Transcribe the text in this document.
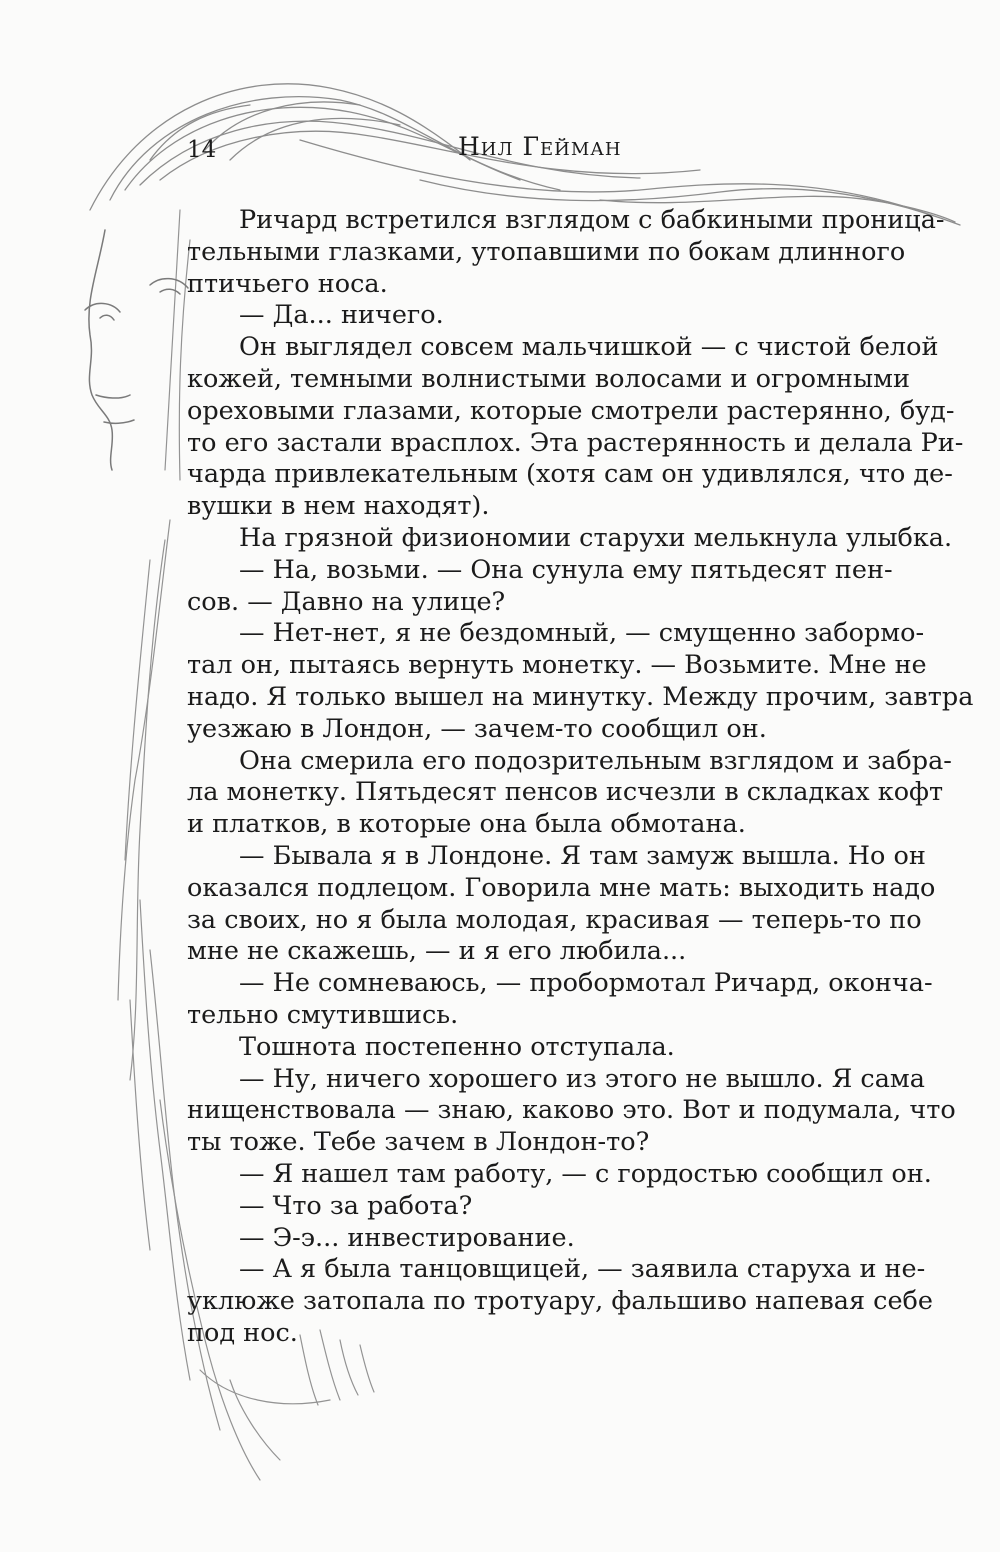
14	Нил Гейман
Ричард встретился взглядом с бабкиными проница-
тельными глазками, утопавшими по бокам длинного
птичьего носа.
— Да... ничего.
Он выглядел совсем мальчишкой — с чистой белой
кожей, темными волнистыми волосами и огромными
ореховыми глазами, которые смотрели растерянно, буд-
то его застали врасплох. Эта растерянность и делала Ри-
чарда привлекательным (хотя сам он удивлялся, что де-
вушки в нем находят).
На грязной физиономии старухи мелькнула улыбка.
— На, возьми. — Она сунула ему пятьдесят пен-
сов. — Давно на улице?
— Нет-нет, я не бездомный, — смущенно забормо-
тал он, пытаясь вернуть монетку. — Возьмите. Мне не
надо. Я только вышел на минутку. Между прочим, завтра
уезжаю в Лондон, — зачем-то сообщил он.
Она смерила его подозрительным взглядом и забра-
ла монетку. Пятьдесят пенсов исчезли в складках кофт
и платков, в которые она была обмотана.
— Бывала я в Лондоне. Я там замуж вышла. Но он
оказался подлецом. Говорила мне мать: выходить надо
за своих, но я была молодая, красивая — теперь-то по
мне не скажешь, — и я его любила...
— Не сомневаюсь, — пробормотал Ричард, оконча-
тельно смутившись.
Тошнота постепенно отступала.
— Ну, ничего хорошего из этого не вышло. Я сама
нищенствовала — знаю, каково это. Вот и подумала, что
ты тоже. Тебе зачем в Лондон-то?
— Я нашел там работу, — с гордостью сообщил он.
— Что за работа?
— Э-э... инвестирование.
— А я была танцовщицей, — заявила старуха и не-
уклюже затопала по тротуару, фальшиво напевая себе
под нос.
